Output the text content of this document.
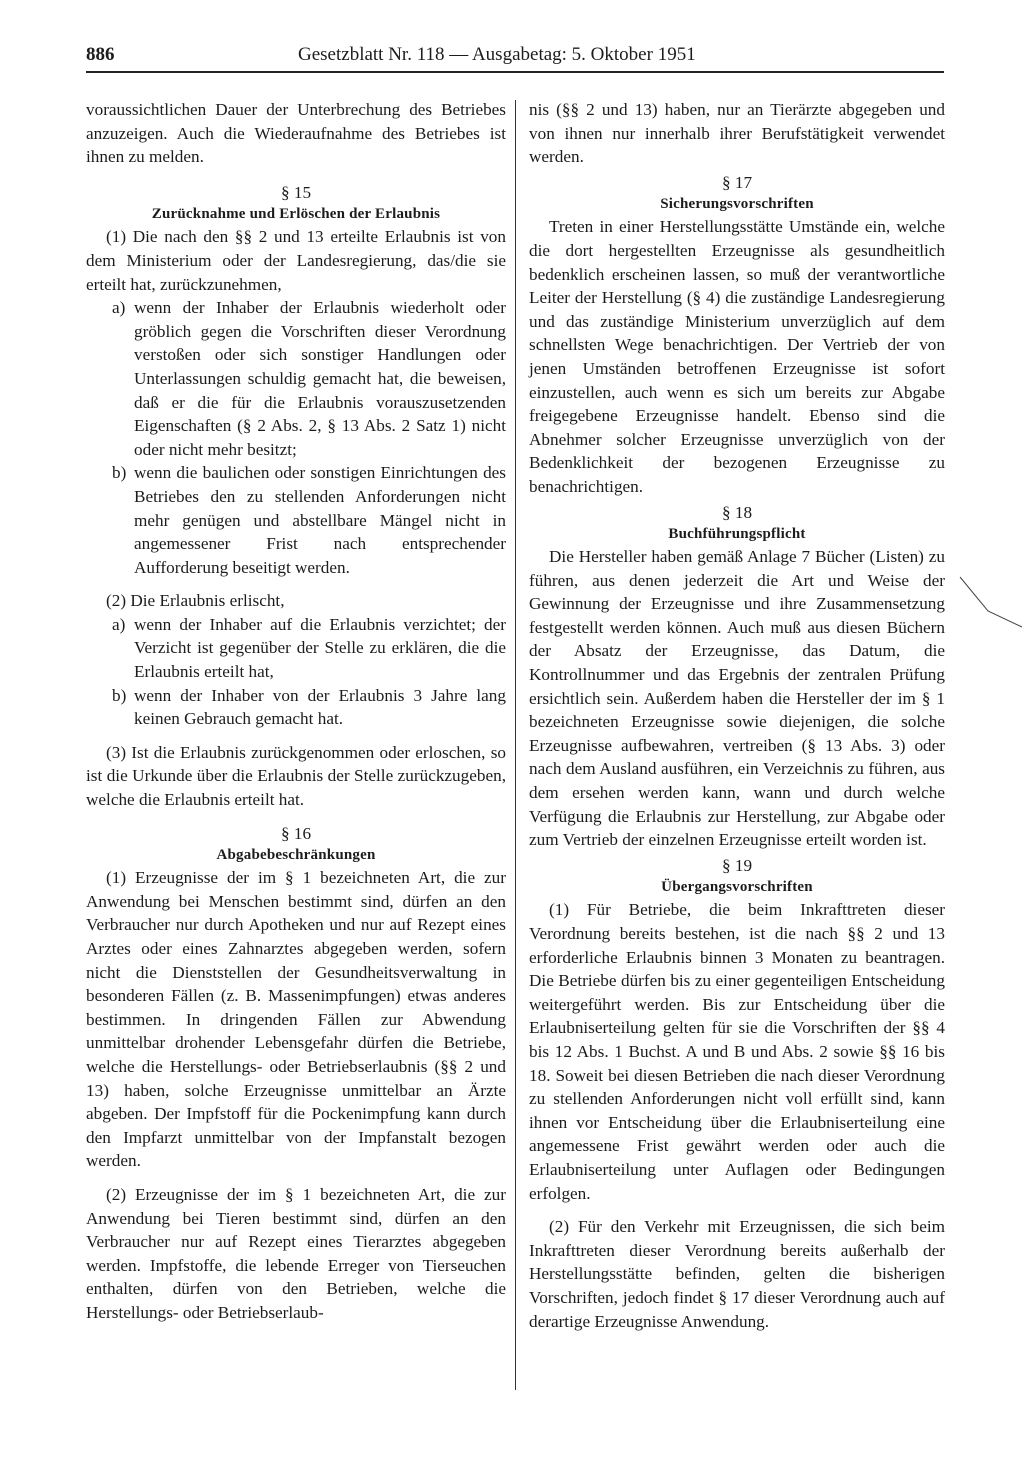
886	Gesetzblatt Nr. 118 — Ausgabetag: 5. Oktober 1951

voraussichtlichen Dauer der Unterbrechung des Betriebes anzuzeigen. Auch die Wiederaufnahme des Betriebes ist ihnen zu melden.

§ 15

Zurücknahme und Erlöschen der Erlaubnis

(1) Die nach den §§ 2 und 13 erteilte Erlaubnis ist von dem Ministerium oder der Landesregierung, das/die sie erteilt hat, zurückzunehmen,

a) wenn der Inhaber der Erlaubnis wiederholt oder gröblich gegen die Vorschriften dieser Verordnung verstoßen oder sich sonstiger Handlungen oder Unterlassungen schuldig gemacht hat, die beweisen, daß er die für die Erlaubnis vorauszusetzenden Eigenschaften (§ 2 Abs. 2, § 13 Abs. 2 Satz 1) nicht oder nicht mehr besitzt;

b) wenn die baulichen oder sonstigen Einrichtungen des Betriebes den zu stellenden Anforderungen nicht mehr genügen und abstellbare Mängel nicht in angemessener Frist nach entsprechender Aufforderung beseitigt werden.

(2) Die Erlaubnis erlischt,

a) wenn der Inhaber auf die Erlaubnis verzichtet; der Verzicht ist gegenüber der Stelle zu erklären, die die Erlaubnis erteilt hat,

b) wenn der Inhaber von der Erlaubnis 3 Jahre lang keinen Gebrauch gemacht hat.

(3) Ist die Erlaubnis zurückgenommen oder erloschen, so ist die Urkunde über die Erlaubnis der Stelle zurückzugeben, welche die Erlaubnis erteilt hat.

§ 16

Abgabebeschränkungen

(1) Erzeugnisse der im § 1 bezeichneten Art, die zur Anwendung bei Menschen bestimmt sind, dürfen an den Verbraucher nur durch Apotheken und nur auf Rezept eines Arztes oder eines Zahnarztes abgegeben werden, sofern nicht die Dienststellen der Gesundheitsverwaltung in besonderen Fällen (z. B. Massenimpfungen) etwas anderes bestimmen. In dringenden Fällen zur Abwendung unmittelbar drohender Lebensgefahr dürfen die Betriebe, welche die Herstellungs- oder Betriebserlaubnis (§§ 2 und 13) haben, solche Erzeugnisse unmittelbar an Ärzte abgeben. Der Impfstoff für die Pockenimpfung kann durch den Impfarzt unmittelbar von der Impfanstalt bezogen werden.

(2) Erzeugnisse der im § 1 bezeichneten Art, die zur Anwendung bei Tieren bestimmt sind, dürfen an den Verbraucher nur auf Rezept eines Tierarztes abgegeben werden. Impfstoffe, die lebende Erreger von Tierseuchen enthalten, dürfen von den Betrieben, welche die Herstellungs- oder Betriebserlaub-

nis (§§ 2 und 13) haben, nur an Tierärzte abgegeben und von ihnen nur innerhalb ihrer Berufstätigkeit verwendet werden.

§ 17

Sicherungsvorschriften

Treten in einer Herstellungsstätte Umstände ein, welche die dort hergestellten Erzeugnisse als gesundheitlich bedenklich erscheinen lassen, so muß der verantwortliche Leiter der Herstellung (§ 4) die zuständige Landesregierung und das zuständige Ministerium unverzüglich auf dem schnellsten Wege benachrichtigen. Der Vertrieb der von jenen Umständen betroffenen Erzeugnisse ist sofort einzustellen, auch wenn es sich um bereits zur Abgabe freigegebene Erzeugnisse handelt. Ebenso sind die Abnehmer solcher Erzeugnisse unverzüglich von der Bedenklichkeit der bezogenen Erzeugnisse zu benachrichtigen.

§ 18

Buchführungspflicht

Die Hersteller haben gemäß Anlage 7 Bücher (Listen) zu führen, aus denen jederzeit die Art und Weise der Gewinnung der Erzeugnisse und ihre Zusammensetzung festgestellt werden können. Auch muß aus diesen Büchern der Absatz der Erzeugnisse, das Datum, die Kontrollnummer und das Ergebnis der zentralen Prüfung ersichtlich sein. Außerdem haben die Hersteller der im § 1 bezeichneten Erzeugnisse sowie diejenigen, die solche Erzeugnisse aufbewahren, vertreiben (§ 13 Abs. 3) oder nach dem Ausland ausführen, ein Verzeichnis zu führen, aus dem ersehen werden kann, wann und durch welche Verfügung die Erlaubnis zur Herstellung, zur Abgabe oder zum Vertrieb der einzelnen Erzeugnisse erteilt worden ist.

§ 19

Übergangsvorschriften

(1) Für Betriebe, die beim Inkrafttreten dieser Verordnung bereits bestehen, ist die nach §§ 2 und 13 erforderliche Erlaubnis binnen 3 Monaten zu beantragen. Die Betriebe dürfen bis zu einer gegenteiligen Entscheidung weitergeführt werden. Bis zur Entscheidung über die Erlaubniserteilung gelten für sie die Vorschriften der §§ 4 bis 12 Abs. 1 Buchst. A und B und Abs. 2 sowie §§ 16 bis 18. Soweit bei diesen Betrieben die nach dieser Verordnung zu stellenden Anforderungen nicht voll erfüllt sind, kann ihnen vor Entscheidung über die Erlaubniserteilung eine angemessene Frist gewährt werden oder auch die Erlaubniserteilung unter Auflagen oder Bedingungen erfolgen.

(2) Für den Verkehr mit Erzeugnissen, die sich beim Inkrafttreten dieser Verordnung bereits außerhalb der Herstellungsstätte befinden, gelten die bisherigen Vorschriften, jedoch findet § 17 dieser Verordnung auch auf derartige Erzeugnisse Anwendung.
